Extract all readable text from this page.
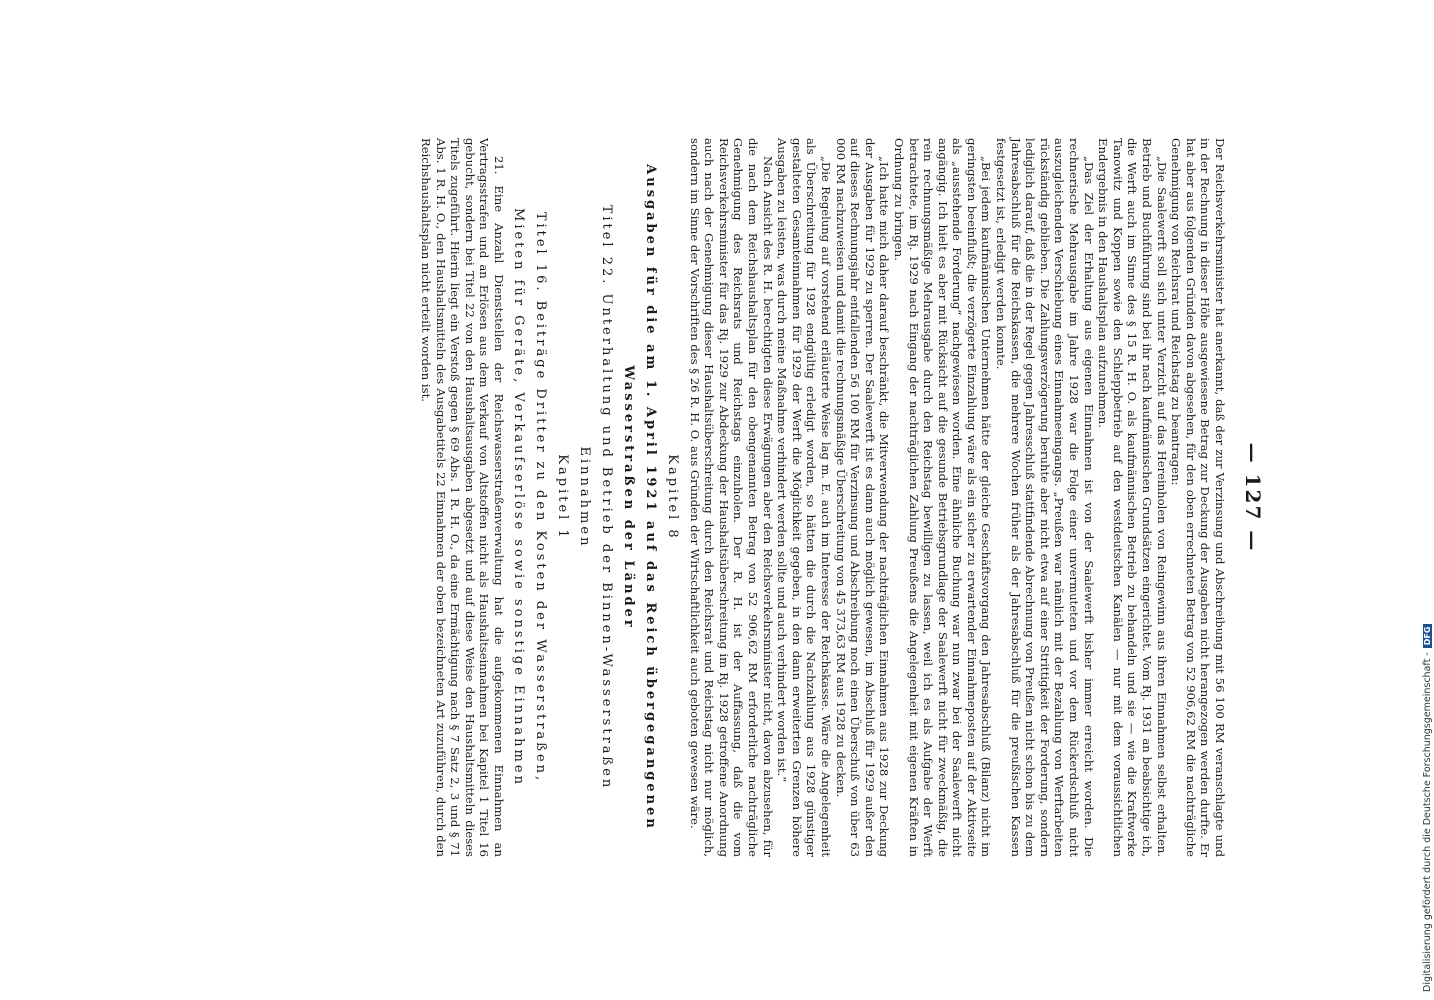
— 127 —

Der Reichsverkehrsminister hat anerkannt, daß der zur Verzinsung und Abschreibung mit 56 100 RM veranschlagte und in der Rechnung in dieser Höhe ausgewiesene Betrag zur Deckung der Ausgaben nicht herangezogen werden durfte. Er hat aber aus folgenden Gründen davon abgesehen, für den oben errechneten Betrag von 52 906,62 RM die nachträgliche Genehmigung von Reichsrat und Reichstag zu beantragen:

„Die Saalewerft soll sich unter Verzicht auf das Hereinholen von Reingewinn aus ihren Einnahmen selbst erhalten. Betrieb und Buchführung sind bei ihr nach kaufmännischen Grundsätzen eingerichtet. Vom Rj. 1931 an beabsichtige ich, die Werft auch im Sinne des § 15 R. H. O. als kaufmännischen Betrieb zu behandeln und sie — wie die Kraftwerke Tanowitz und Koppen sowie den Schleppbetrieb auf den westdeutschen Kanälen — nur mit dem voraussichtlichen Endergebnis in den Haushaltsplan aufzunehmen.

„Das Ziel der Erhaltung aus eigenen Einnahmen ist von der Saalewerft bisher immer erreicht worden. Die rechnerische Mehrausgabe im Jahre 1928 war die Folge einer unvermuteten und vor dem Rückerdschluß nicht auszugleichenden Verschiebung eines Einnahmeeingangs. „Preußen war nämlich mit der Bezahlung von Werftarbeiten rückständig geblieben. Die Zahlungsverzögerung beruhte aber nicht etwa auf einer Strittigkeit der Forderung, sondern lediglich darauf, daß die in der Regel gegen Jahresschluß stattfindende Abrechnung von Preußen nicht schon bis zu dem Jahresabschluß für die Reichskassen, die mehrere Wochen früher als der Jahresabschluß für die preußischen Kassen festgesetzt ist, erledigt werden konnte.

„Bei jedem kaufmännischen Unternehmen hätte der gleiche Geschäftsvorgang den Jahresabschluß (Bilanz) nicht im geringsten beeinflußt; die verzögerte Einzahlung wäre als ein sicher zu erwartender Einnahmeposten auf der Aktivseite als „ausstehende Forderung“ nachgewiesen worden. Eine ähnliche Buchung war nun zwar bei der Saalewerft nicht angängig. Ich hielt es aber mit Rücksicht auf die gesunde Betriebsgrundlage der Saalewerft nicht für zweckmäßig, die rein rechnungsmäßige Mehrausgabe durch den Reichstag bewilligen zu lassen, weil ich es als Aufgabe der Werft betrachtete, im Rj. 1929 nach Eingang der nachträglichen Zahlung Preußens die Angelegenheit mit eigenen Kräften in Ordnung zu bringen.

„Ich hatte mich daher darauf beschränkt, die Mitverwendung der nachträglichen Einnahmen aus 1928 zur Deckung der Ausgaben für 1929 zu sperren. Der Saalewerft ist es dann auch möglich gewesen, im Abschluß für 1929 außer den auf dieses Rechnungsjahr entfallenden 56 100 RM für Verzinsung und Abschreibung noch einen Überschuß von über 63 000 RM nachzuweisen und damit die rechnungsmäßige Überschreitung von 45 373,63 RM aus 1928 zu decken.

„Die Regelung auf vorstehend erläuterte Weise lag m. E. auch im Interesse der Reichskasse. Wäre die Angelegenheit als Überschreitung für 1928 endgültig erledigt worden, so hätten die durch die Nachzahlung aus 1928 günstiger gestalteten Gesamteinnahmen für 1929 der Werft die Möglichkeit gegeben, in den dann erweiterten Grenzen höhere Ausgaben zu leisten, was durch meine Maßnahme verhindert werden sollte und auch verhindert worden ist.“

Nach Ansicht des R. H. berechtigten diese Erwägungen aber den Reichsverkehrsminister nicht, davon abzusehen, für die nach dem Reichshaushaltsplan für den obengenannten Betrag von 52 906,62 RM erforderliche nachträgliche Genehmigung des Reichsrats und Reichstags einzuholen. Der R. H. ist der Auffassung, daß die vom Reichsverkehrsminister für das Rj. 1929 zur Abdeckung der Haushaltsüberschreitung im Rj. 1928 getroffene Anordnung auch nach der Genehmigung dieser Haushaltsüberschreitung durch den Reichsrat und Reichstag nicht nur möglich, sondern im Sinne der Vorschriften des § 26 R. H. O. aus Gründen der Wirtschaftlichkeit auch geboten gewesen wäre.

Kapitel 8
Ausgaben für die am 1. April 1921 auf das Reich übergegangenen
Wasserstraßen der Länder
Titel 22. Unterhaltung und Betrieb der Binnen-Wasserstraßen
Einnahmen
Kapitel 1
Titel 16. Beiträge Dritter zu den Kosten der Wasserstraßen,
Mieten für Geräte, Verkaufserlöse sowie sonstige Einnahmen

21. Eine Anzahl Dienststellen der Reichswasserstraßenverwaltung hat die aufgekommenen Einnahmen an Vertragsstrafen und an Erlösen aus dem Verkauf von Altstoffen nicht als Haushaltseinnahmen bei Kapitel 1 Titel 16 gebucht, sondern bei Titel 22 von den Haushaltsausgaben abgesetzt und auf diese Weise den Haushaltsmitteln dieses Titels zugeführt. Hierin liegt ein Verstoß gegen § 69 Abs. 1 R. H. O., da eine Ermächtigung nach § 7 Satz 2, 3 und § 71 Abs. 1 R. H. O., den Haushaltsmitteln des Ausgabetitels 22 Einnahmen der oben bezeichneten Art zuzuführen, durch den Reichshaushaltsplan nicht erteilt worden ist.

Digitalisierung gefördert durch die Deutsche Forschungsgemeinschaft -
DFG
